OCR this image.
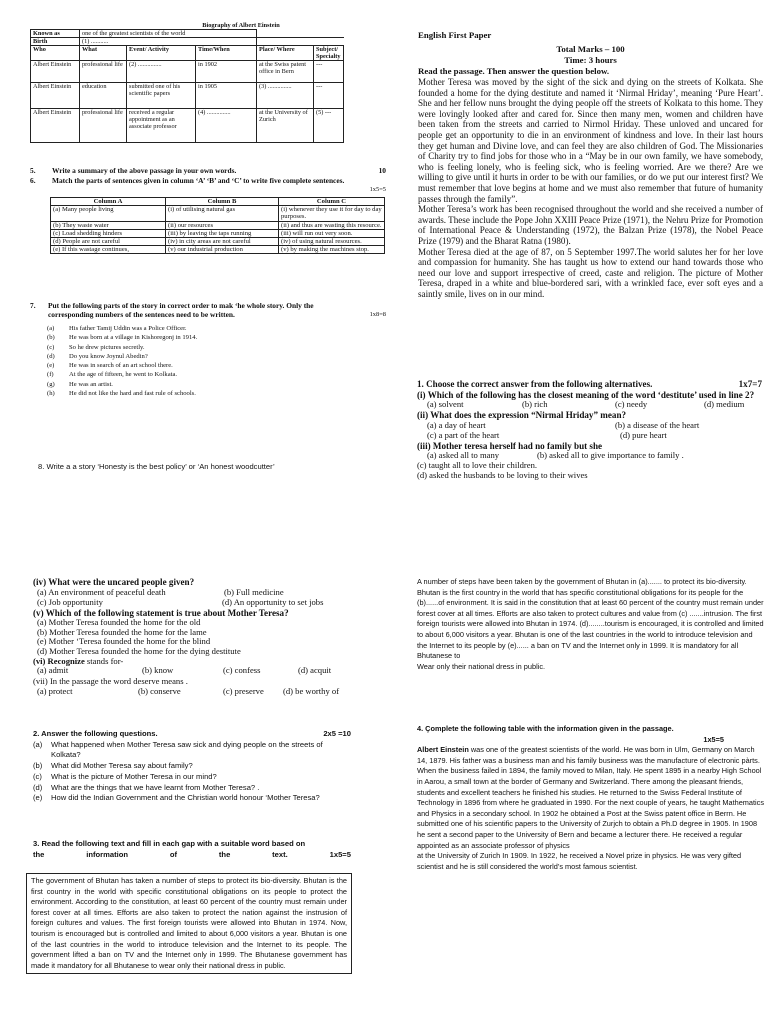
Biography of Albert Einstein					
Known as	one of the greatest scientists of the world				
Birth	(1) ...........				
Who	What	Event/ Activity	Time/When	Place/ Where	Subject/ Specialty
Albert Einstein	professional life	(2) ...............	in 1902	at the Swiss patent office in Bern	---
Albert Einstein	education	submitted one of his scientific papers	in 1905	(3) ...............	---
Albert Einstein	professional life	received a regular appointment as an associate professor	(4) ...............	at the University of Zurich	(5) ---
5. Write a summary of the above passage in your own words.	10
6.	Match the parts of sentences given in column ‘A’ ‘B’ and ‘C’ to write five complete sentences.
1x5=5
Column A	Column B	Column C
(a) Many people living	(i) of utilising natural gas	(i) whenever they use it for day to day purposes.
(b) They waste water	(ii) our resources	(ii) and thus are wasting this resource.
(c) Load shedding hinders	(iii) by leaving the taps running	(iii) will run out very soon.
(d) People are not careful	(iv) in city areas are not careful	(iv) of using natural resources.
(e) If this wastage continues,	(v) our industrial production	(v) by making the machines stop.
7.	Put the following parts of the story in correct order to mak ‘he whole story. Only the
corresponding numbers of the sentences need to be written.	1x8=8
(a) His father Tamij Uddin was a Police Officer.
(b) He was born at a village in Kishoregonj in 1914.
(c) So he drew pictures secretly.
(d) Do you know Joynul Abedin?
(e) He was in search of an art school there.
(f) At the age of fifteen, he went to Kolkata.
(g) He was an artist.
(h) He did not like the hard and fast rule of schools.
8. Write a a story ‘Honesty is the best policy’ or ‘An honest woodcutter’
English First Paper
Total Marks – 100
Time: 3 hours
Read the passage. Then answer the question below.

Mother Teresa was moved by the sight of the sick and dying on the streets of Kolkata. She founded a home for the dying destitute and named it ‘Nirmal Hriday’, meaning ‘Pure Heart’. She and her fellow nuns brought the dying people off the streets of Kolkata to this home. They were lovingly looked after and cared for. Since then many men, women and children have been taken from the streets and carried to Nirmol Hriday. These unloved and uncared for people get an opportunity to die in an environment of kindness and love. In their last hours they get human and Divine love, and can feel they are also children of God. The Missionaries of Charity try to find jobs for those who in a “May be in our own family, we have somebody, who is feeling lonely, who is feeling sick, who is feeling worried. Are we there? Are we willing to give until it hurts in order to be with our families, or do we put our interest first? We must remember that love begins at home and we must also remember that future of humanity passes through the family”.

Mother Teresa’s work has been recognised throughout the world and she received a number of awards. These include the Pope John XXIII Peace Prize (1971), the Nehru Prize for Promotion of International Peace & Understanding (1972), the Balzan Prize (1978), the Nobel Peace Prize (1979) and the Bharat Ratna (1980).

Mother Teresa died at the age of 87, on 5 September 1997.The world salutes her for her love and compassion for humanity. She has taught us how to extend our hand towards those who need our love and support irrespective of creed, caste and religion. The picture of Mother Teresa, draped in a white and blue-bordered sari, with a wrinkled face, ever soft eyes and a saintly smile, lives on in our mind.

1. Choose the correct answer from the following alternatives.	1x7=7
(i) Which of the following has the closest meaning of the word ‘destitute’ used in line 2?
(a) solvent	(b) rich	(c) needy	(d) medium
(ii) What does the expression “Nirmal Hriday” mean?
(a) a day of heart	(b) a disease of the heart
(c) a part of the heart	(d) pure heart
(iii) Mother teresa herself had no family but she
(a) asked all to many	(b) asked all to give importance to family .
(c) taught all to love their children.
(d) asked the husbands to be loving to their wives
(iv) What were the uncared people given?
(a) An environment of peaceful death	(b) Full medicine
(c) Job opportunity	(d) An opportunity to set jobs
(v) Which of the following statement is true about Mother Teresa?
(a) Mother Teresa founded the home for the old
(b) Mother Teresa founded the home for the lame
(e) Mother ‘Teresa founded the home for the blind
(d) Mother Teresa founded the home for the dying destitute
(vi) Recognize stands for-
(a) admit	(b) know	(c) confess	(d) acquit
(vii) In the passage the word deserve means .
(a) protect	(b) conserve	(c) preserve (d) be worthy of
2. Answer the following questions.	2x5 =10
(a)	What happened when Mother Teresa saw sick and dying people on the streets of Kolkata?
(b)	What did Mother Teresa say about family?
(c)	What is the picture of Mother Teresa in our mind?
(d)	What are the things that we have learnt from Mother Teresa? .
(e)	How did the Indian Government and the Christian world honour ‘Mother Teresa?
3. Read the following text and fill in each gap with a suitable word based on
the	information	of	the	text.	1x5=5
The government of Bhutan has taken a number of steps to protect its bio-diversity. Bhutan is the first country in the world with specific constitutional obligations on its people to protect the environment. According to the constitution, at least 60 percent of the country must remain under forest cover at all times. Efforts are also taken to protect the nation against the instrusion of foreign cultures and values. The first foreign tourists were allowed into Bhutan in 1974. Now, tourism is encouraged but is controlled and limited to about 6,000 visitors a year. Bhutan is one of the last countries in the world to introduce television and the Internet to its people. The government lifted a ban on TV and the Internet only in 1999. The Bhutanese government has made it mandatory for all Bhutanese to wear only their national dress in public.
A number of steps have been taken by the government of Bhutan in (a)....... to protect its bio-diversity. Bhutan is the first country in the world that has specific constitutional obligations for its people for the (b)......of environment. It is said in the constitution that at least 60 percent of the country must remain under forest cover at all times. Efforts are also taken to protect cultures and value from (c) .......intrusion. The first foreign tourists were allowed into Bhutan in 1974. (d)........tourism is encouraged, it is controlled and limited to about 6,000 visitors a year. Bhutan is one of the last countries in the world to introduce television and the Internet to its people by (e)...... a ban on TV and the Internet only in 1999. It is mandatory for all Bhutanese to
Wear only their national dress in public.
4. Çomplete the following table with the information given in the passage.
1x5=5
Albert Einstein was one of the greatest scientists of the world. He was born in Ulm, Germany on March 14, 1879. His father was a business man and his family business was the manufacture of electronic pàrts. When the business failed in 1894, the family moved to Milan, Italy. He spent 1895 in a nearby High School in Aarou, a small town at the border of Germany and Switzerland. There among the pleasant friends, students and excellent teachers he finished his studies. He returned to the Swiss Federal Institute of Technology in 1896 from where he graduated in 1990. For the next couple of years, he taught Mathematics and Physics in a secondary school. In 1902 he obtained a Post at the Swiss patent office in Berrn. He submitted one of his scientific papers to the University of Zurjch to obtain a Ph.D degree in 1905. In 1908 he sent a second paper to the University of Bern and became a lecturer there. He received a regular appointed as an associate professor of physics
at the University of Zurich In 1909. In 1922, he received a Novel prize in physics. He was very gifted scientist and he is still considered the world’s most famous scientist.
